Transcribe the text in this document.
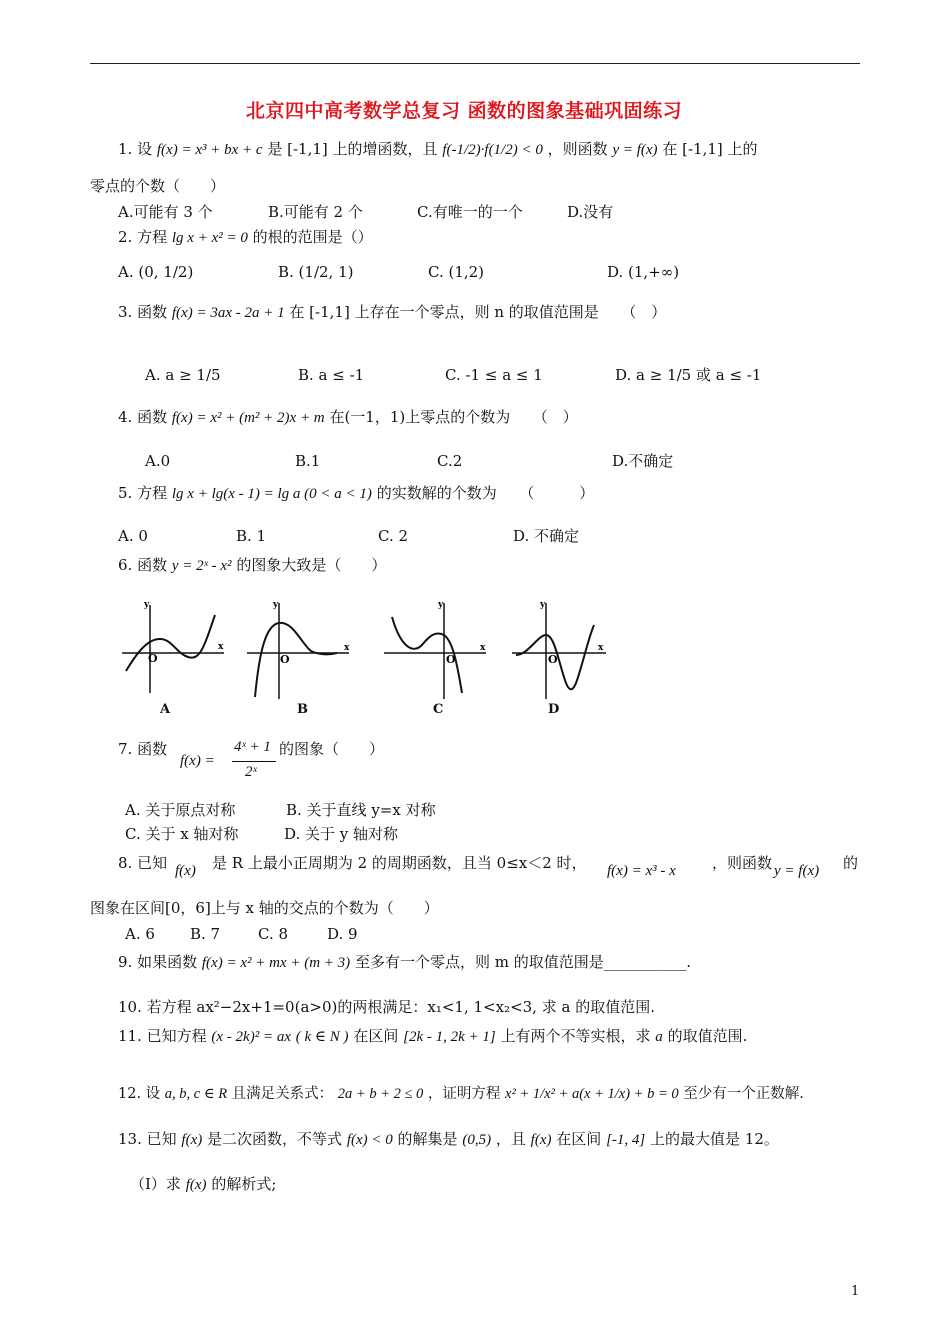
北京四中高考数学总复习 函数的图象基础巩固练习
1. 设 f(x) = x³ + bx + c 是 [-1,1] 上的增函数，且 f(-1/2)·f(1/2) < 0 ，则函数 y = f(x) 在 [-1,1] 上的
零点的个数（　　）
A.可能有 3 个	B.可能有 2 个	C.有唯一的一个	D.没有
2. 方程 lg x + x² = 0 的根的范围是（）
A. (0, 1/2)	B. (1/2, 1)	C. (1,2)	D. (1,+∞)
3. 函数 f(x) = 3ax - 2a + 1 在 [-1,1] 上存在一个零点，则 n 的取值范围是　　（　）
A. a ≥ 1/5	B. a ≤ -1	C. -1 ≤ a ≤ 1	D. a ≥ 1/5 或 a ≤ -1
4. 函数 f(x) = x² + (m² + 2)x + m 在(一1，1)上零点的个数为　　（　）
A.0	B.1	C.2	D.不确定
5. 方程 lg x + lg(x - 1) = lg a (0 < a < 1) 的实数解的个数为　　（　　　）
A. 0	B. 1	C. 2	D. 不确定
6. 函数 y = 2ˣ - x² 的图象大致是（　　）
y
x
O
A
y
x
O
B
y
x
O
C
y
x
O
D
7. 函数
f(x) =
4ˣ + 1
2ˣ
的图象（　　）
A. 关于原点对称	B. 关于直线 y=x 对称
C. 关于 x 轴对称	D. 关于 y 轴对称
8. 已知 f(x) 是 R 上最小正周期为 2 的周期函数，且当 0≤x＜2 时， f(x) = x³ - x ，则函数 y = f(x) 的
图象在区间[0，6]上与 x 轴的交点的个数为（　　）
A. 6 B. 7	C. 8	D. 9
9. 如果函数 f(x) = x² + mx + (m + 3) 至多有一个零点，则 m 的取值范围是___________.
10. 若方程 ax²−2x+1=0(a>0)的两根满足：x₁<1, 1<x₂<3, 求 a 的取值范围.
11. 已知方程 (x - 2k)² = ax ( k ∈ N ) 在区间 [2k - 1, 2k + 1] 上有两个不等实根，求 a 的取值范围.
12. 设 a, b, c ∈ R 且满足关系式： 2a + b + 2 ≤ 0 ，证明方程 x² + 1/x² + a(x + 1/x) + b = 0 至少有一个正数解.
13. 已知 f(x) 是二次函数，不等式 f(x) < 0 的解集是 (0,5) ，且 f(x) 在区间 [-1, 4] 上的最大值是 12。
（I）求 f(x) 的解析式;
1
